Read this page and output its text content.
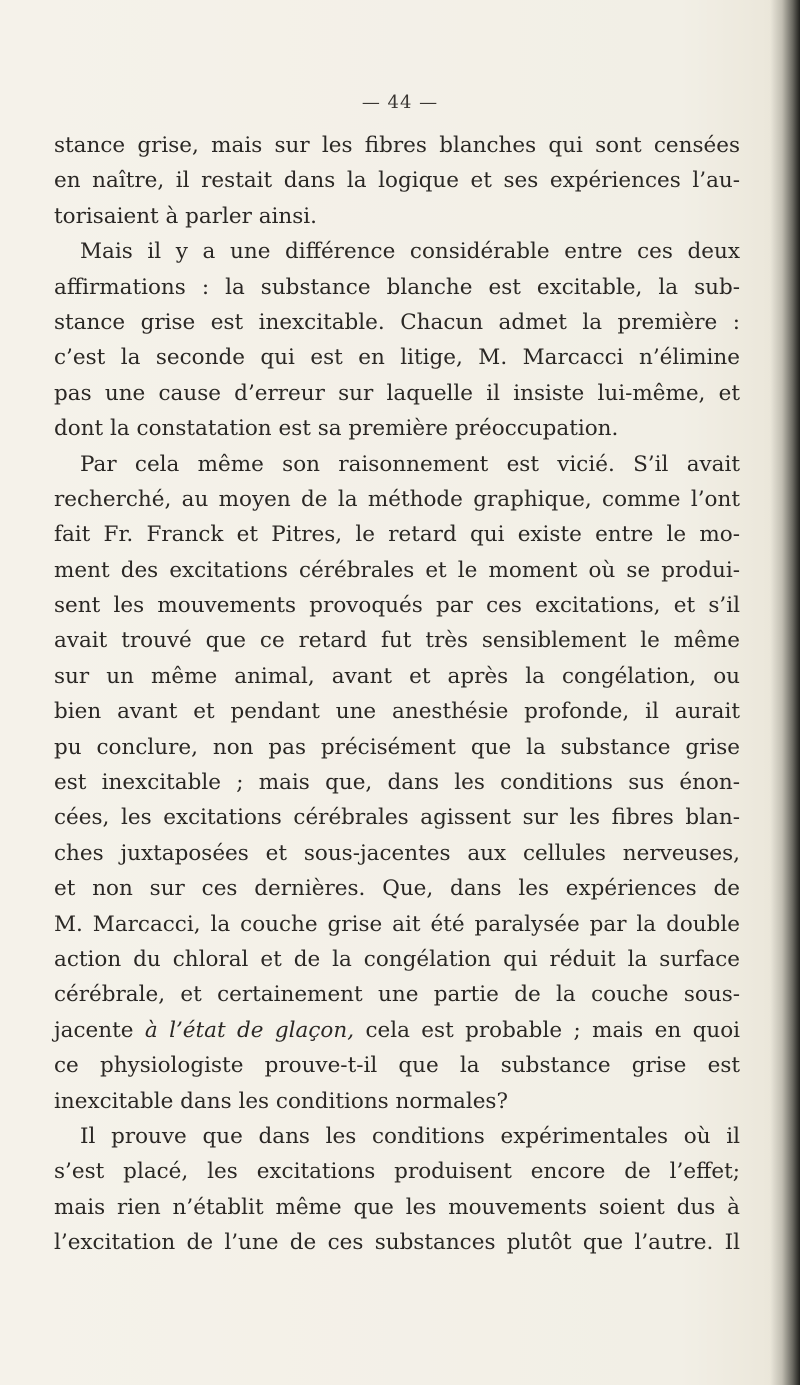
— 44 —
stance grise, mais sur les fibres blanches qui sont censées
en naître, il restait dans la logique et ses expériences l’au-
torisaient à parler ainsi.
Mais il y a une différence considérable entre ces deux
affirmations : la substance blanche est excitable, la sub-
stance grise est inexcitable. Chacun admet la première :
c’est la seconde qui est en litige, M. Marcacci n’élimine
pas une cause d’erreur sur laquelle il insiste lui-même, et
dont la constatation est sa première préoccupation.
Par cela même son raisonnement est vicié. S’il avait
recherché, au moyen de la méthode graphique, comme l’ont
fait Fr. Franck et Pitres, le retard qui existe entre le mo-
ment des excitations cérébrales et le moment où se produi-
sent les mouvements provoqués par ces excitations, et s’il
avait trouvé que ce retard fut très sensiblement le même
sur un même animal, avant et après la congélation, ou
bien avant et pendant une anesthésie profonde, il aurait
pu conclure, non pas précisément que la substance grise
est inexcitable ; mais que, dans les conditions sus énon-
cées, les excitations cérébrales agissent sur les fibres blan-
ches juxtaposées et sous-jacentes aux cellules nerveuses,
et non sur ces dernières. Que, dans les expériences de
M. Marcacci, la couche grise ait été paralysée par la double
action du chloral et de la congélation qui réduit la surface
cérébrale, et certainement une partie de la couche sous-
jacente à l’état de glaçon, cela est probable ; mais en quoi
ce physiologiste prouve-t-il que la substance grise est
inexcitable dans les conditions normales?
Il prouve que dans les conditions expérimentales où il
s’est placé, les excitations produisent encore de l’effet;
mais rien n’établit même que les mouvements soient dus à
l’excitation de l’une de ces substances plutôt que l’autre. Il
